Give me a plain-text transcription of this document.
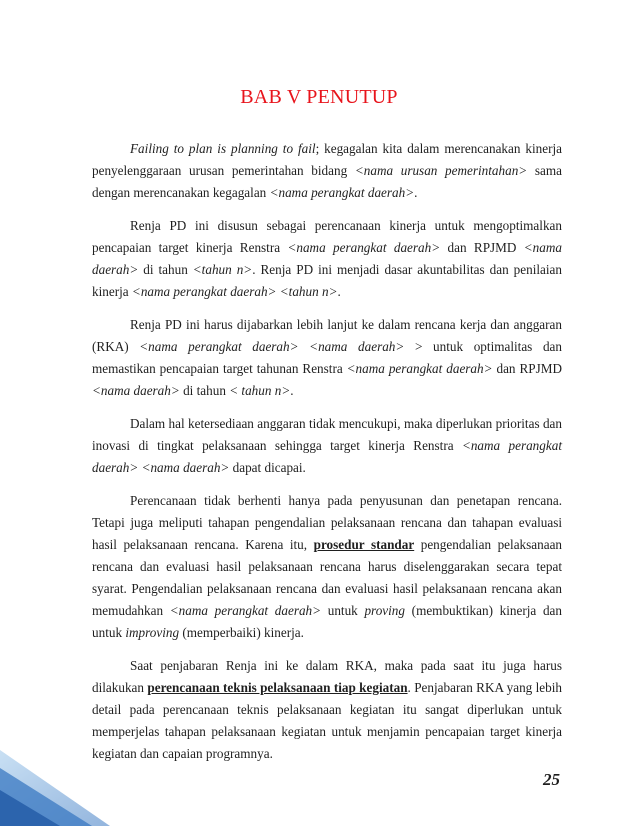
BAB V PENUTUP

Failing to plan is planning to fail; kegagalan kita dalam merencanakan kinerja penyelenggaraan urusan pemerintahan bidang <nama urusan pemerintahan> sama dengan merencanakan kegagalan <nama perangkat daerah>.

Renja PD ini disusun sebagai perencanaan kinerja untuk mengoptimalkan pencapaian target kinerja Renstra <nama perangkat daerah> dan RPJMD <nama daerah> di tahun <tahun n>. Renja PD ini menjadi dasar akuntabilitas dan penilaian kinerja <nama perangkat daerah> <tahun n>.

Renja PD ini harus dijabarkan lebih lanjut ke dalam rencana kerja dan anggaran (RKA) <nama perangkat daerah> <nama daerah> > untuk optimalitas dan memastikan pencapaian target tahunan Renstra <nama perangkat daerah> dan RPJMD <nama daerah> di tahun < tahun n>.

Dalam hal ketersediaan anggaran tidak mencukupi, maka diperlukan prioritas dan inovasi di tingkat pelaksanaan sehingga target kinerja Renstra <nama perangkat daerah> <nama daerah> dapat dicapai.

Perencanaan tidak berhenti hanya pada penyusunan dan penetapan rencana. Tetapi juga meliputi tahapan pengendalian pelaksanaan rencana dan tahapan evaluasi hasil pelaksanaan rencana. Karena itu, prosedur standar pengendalian pelaksanaan rencana dan evaluasi hasil pelaksanaan rencana harus diselenggarakan secara tepat syarat. Pengendalian pelaksanaan rencana dan evaluasi hasil pelaksanaan rencana akan memudahkan <nama perangkat daerah> untuk proving (membuktikan) kinerja dan untuk improving (memperbaiki) kinerja.

Saat penjabaran Renja ini ke dalam RKA, maka pada saat itu juga harus dilakukan perencanaan teknis pelaksanaan tiap kegiatan. Penjabaran RKA yang lebih detail pada perencanaan teknis pelaksanaan kegiatan itu sangat diperlukan untuk memperjelas tahapan pelaksanaan kegiatan untuk menjamin pencapaian target kinerja kegiatan dan capaian programnya.

25
